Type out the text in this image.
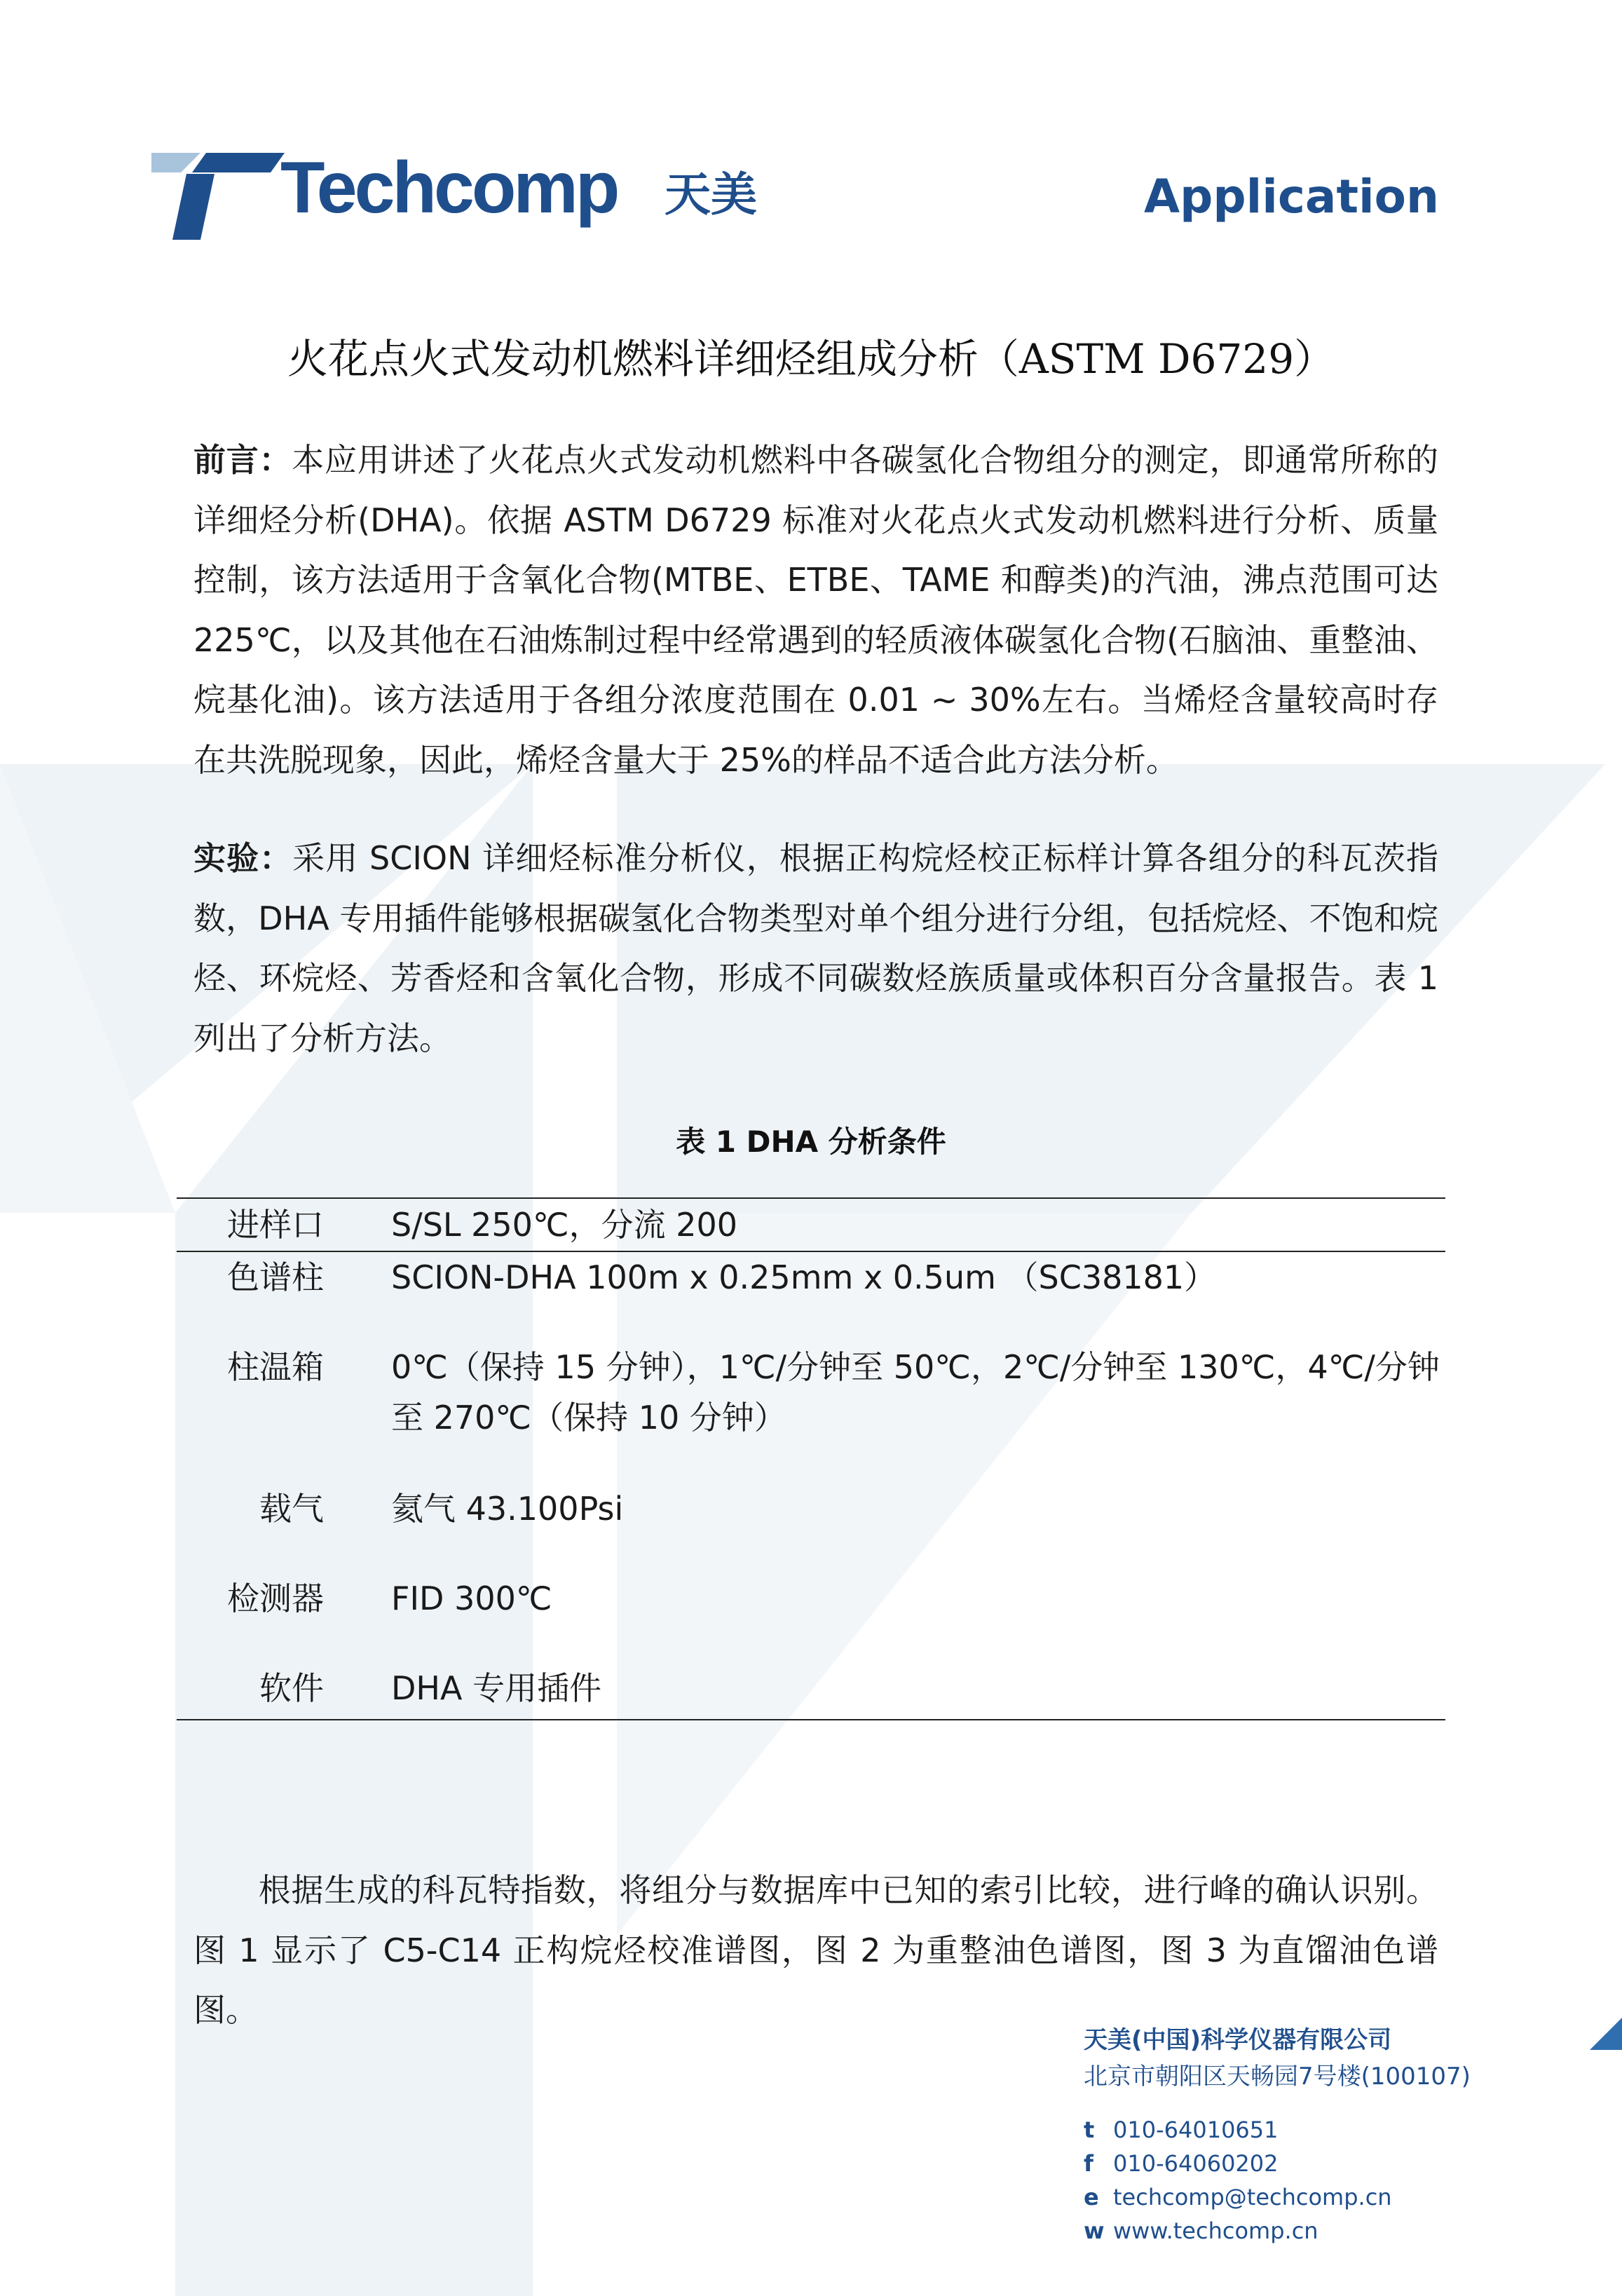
Techcomp 天美	Application
火花点火式发动机燃料详细烃组成分析（ASTM D6729）
前言：本应用讲述了火花点火式发动机燃料中各碳氢化合物组分的测定，即通常所称的详细烃分析(DHA)。依据 ASTM D6729 标准对火花点火式发动机燃料进行分析、质量控制，该方法适用于含氧化合物(MTBE、ETBE、TAME 和醇类)的汽油，沸点范围可达 225℃，以及其他在石油炼制过程中经常遇到的轻质液体碳氢化合物(石脑油、重整油、烷基化油)。该方法适用于各组分浓度范围在 0.01 ~ 30%左右。当烯烃含量较高时存在共洗脱现象，因此，烯烃含量大于 25%的样品不适合此方法分析。
实验：采用 SCION 详细烃标准分析仪，根据正构烷烃校正标样计算各组分的科瓦茨指数，DHA 专用插件能够根据碳氢化合物类型对单个组分进行分组，包括烷烃、不饱和烷烃、环烷烃、芳香烃和含氧化合物，形成不同碳数烃族质量或体积百分含量报告。表 1 列出了分析方法。
表 1 DHA 分析条件
进样口	S/SL 250℃，分流 200
色谱柱	SCION-DHA 100m x 0.25mm x 0.5um （SC38181）
柱温箱	0℃（保持 15 分钟），1℃/分钟至 50℃，2℃/分钟至 130℃，4℃/分钟至 270℃（保持 10 分钟）
载气	氦气 43.100Psi
检测器	FID 300℃
软件	DHA 专用插件
根据生成的科瓦特指数，将组分与数据库中已知的索引比较，进行峰的确认识别。图 1 显示了 C5-C14 正构烷烃校准谱图，图 2 为重整油色谱图，图 3 为直馏油色谱图。
天美(中国)科学仪器有限公司
北京市朝阳区天畅园7号楼(100107)
t 010-64010651
f 010-64060202
e techcomp@techcomp.cn
w www.techcomp.cn
